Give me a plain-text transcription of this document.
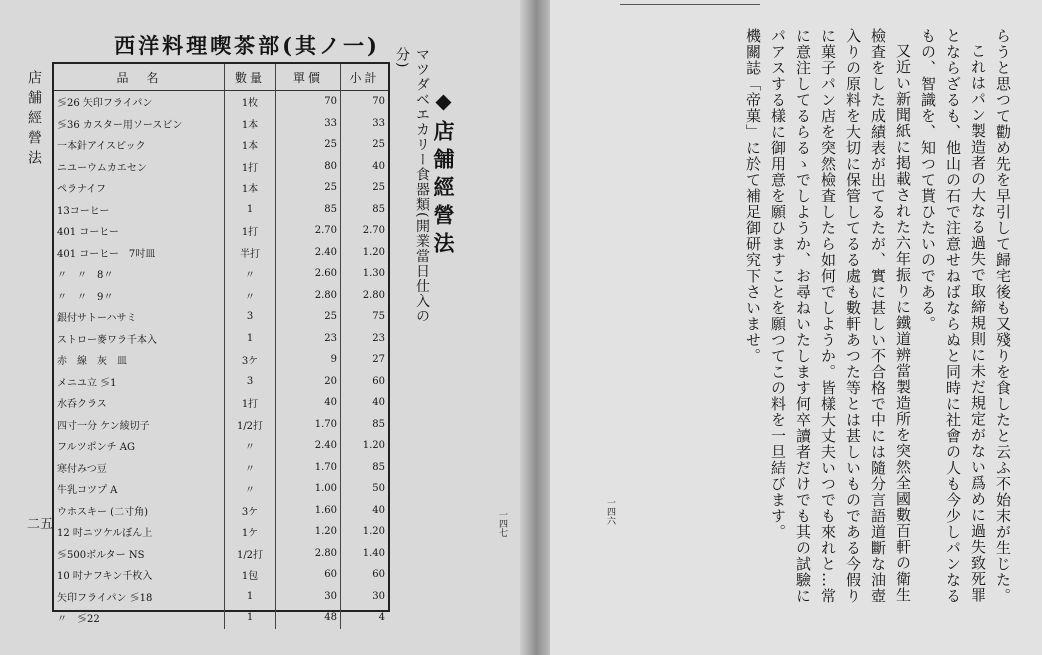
西洋料理喫茶部(其ノ一)
店舗經營法
二五
品　名	數量	單價	小計
≶26 矢印フライパン	1枚	70	70
≶36 カスター用ソースビン	1本	33	33
一本針アイスピック	1本	25	25
ニユーウムカエセン	1打	80	40
ペラナイフ	1本	25	25
13コーヒー	1	85	85
401 コーヒー	1打	2.70	2.70
401 コーヒー　7吋皿	半打	2.40	1.20
〃　〃　8〃	〃	2.60	1.30
〃　〃　9〃	〃	2.80	2.80
銀付サトーハサミ	3	25	75
ストロー麥ワラ千本入	1	23	23
赤　線　灰　皿	3ケ	9	27
メニユ立 ≶1	3	20	60
水呑クラス	1打	40	40
四寸一分 ケン綾切子	1/2打	1.70	85
フルツポンチ AG	〃	2.40	1.20
寒付みつ豆	〃	1.70	85
牛乳コツプ A	〃	1.00	50
ウホスキー (二寸角)	3ケ	1.60	40
12 吋ニツケルぼん上	1ケ	1.20	1.20
≶500ボルター NS	1/2打	2.80	1.40
10 吋ナフキン千枚入	1包	60	60
矢印フライパン ≶18	1	30	30
〃　≶22	1	48	4
マツダベエカリー食器類(開業當日仕入の分)
◆店舗經營法
一四七	一四六	らうと思つて勸め先を早引して歸宅後も又殘りを食したと云ふ不始末が生じた。

これはパン製造者の大なる過失で取締規則に未だ規定がない爲めに過失致死罪とならざるも、他山の石で注意せねばならぬと同時に社會の人も今少しパンなるもの、智識を、知つて貰ひたいのである。

又近い新聞紙に掲載された六年振りに鐵道辨當製造所を突然全國數百軒の衛生檢査をした成績表が出てるたが、實に甚しい不合格で中には隨分言語道斷な油壺入りの原料を大切に保管してるる處も數軒あつた等とは甚しいものである今假りに菓子パン店を突然檢査したら如何でしようか。皆樣大丈夫いつでも來れと…常に意注してるらるゝでしようか、お尋ねいたします何卒讀者だけでも其の試驗にパアスする樣に御用意を願ひますことを願つてこの料を一旦結びます。

機關誌「帝菓」に於て補足御研究下さいませ。
